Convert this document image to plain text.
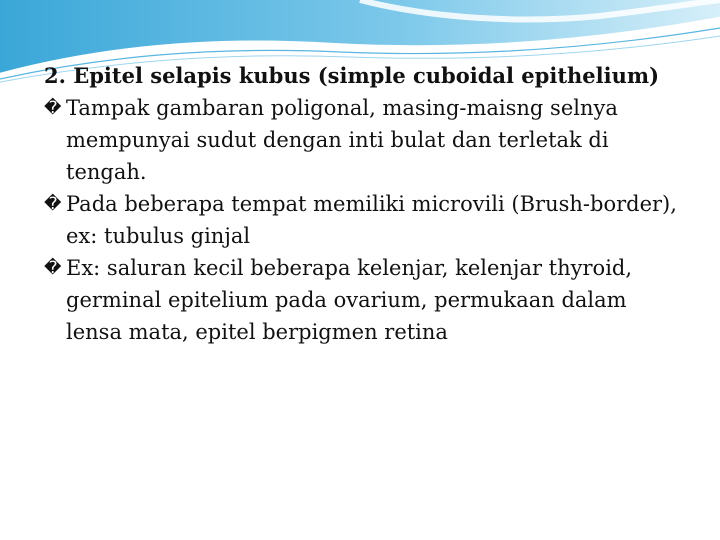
2. Epitel selapis kubus (simple cuboidal epithelium)

� Tampak gambaran poligonal, masing-maisng selnya mempunyai sudut dengan inti bulat dan terletak di tengah.

� Pada beberapa tempat memiliki microvili (Brush-border), ex: tubulus ginjal

� Ex: saluran kecil beberapa kelenjar, kelenjar thyroid, germinal epitelium pada ovarium, permukaan dalam lensa mata, epitel berpigmen retina
